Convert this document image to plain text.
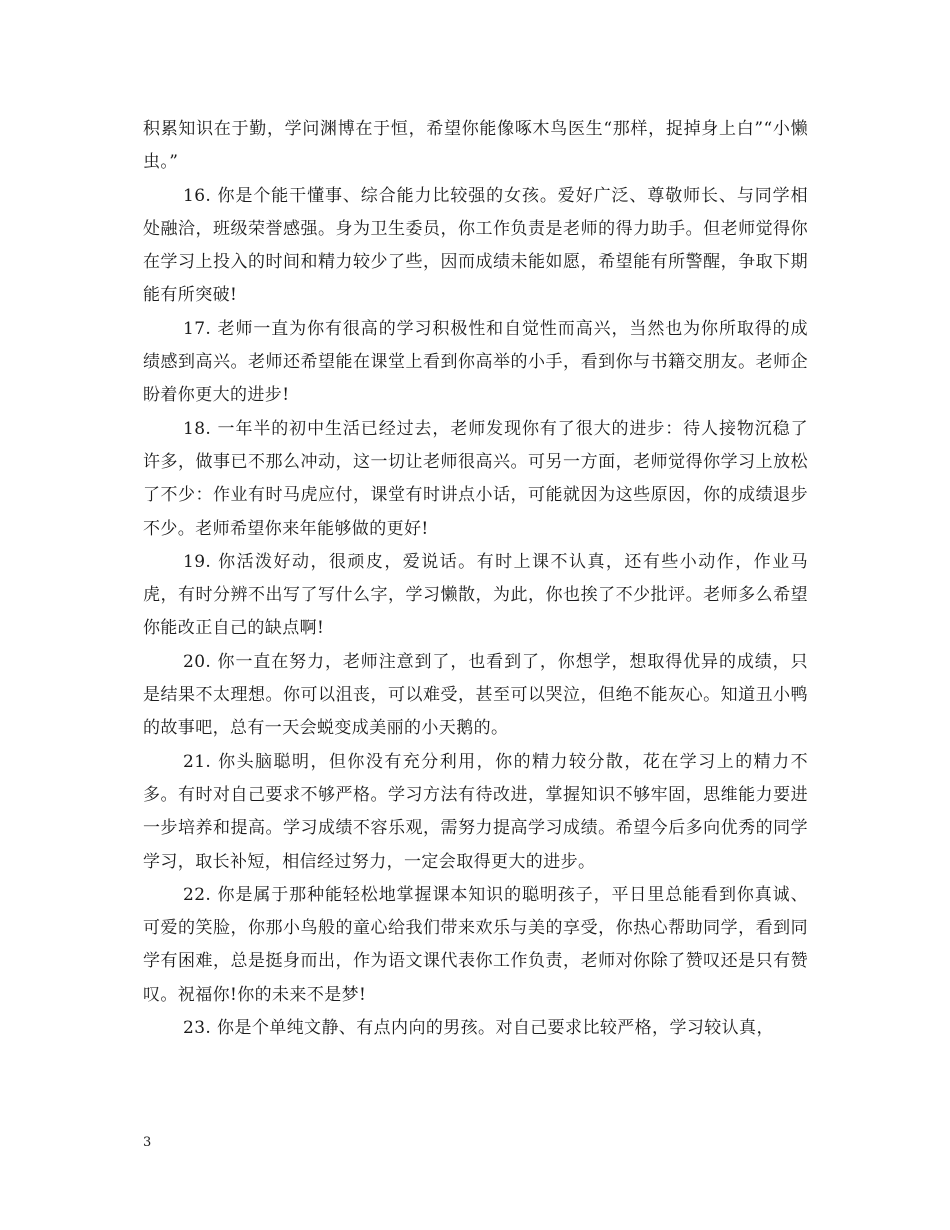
积累知识在于勤，学问渊博在于恒，希望你能像啄木鸟医生“那样，捉掉身上白”“小懒虫。”

16. 你是个能干懂事、综合能力比较强的女孩。爱好广泛、尊敬师长、与同学相处融洽，班级荣誉感强。身为卫生委员，你工作负责是老师的得力助手。但老师觉得你在学习上投入的时间和精力较少了些，因而成绩未能如愿，希望能有所警醒，争取下期能有所突破!

17. 老师一直为你有很高的学习积极性和自觉性而高兴，当然也为你所取得的成绩感到高兴。老师还希望能在课堂上看到你高举的小手，看到你与书籍交朋友。老师企盼着你更大的进步!

18. 一年半的初中生活已经过去，老师发现你有了很大的进步：待人接物沉稳了许多，做事已不那么冲动，这一切让老师很高兴。可另一方面，老师觉得你学习上放松了不少：作业有时马虎应付，课堂有时讲点小话，可能就因为这些原因，你的成绩退步不少。老师希望你来年能够做的更好!

19. 你活泼好动，很顽皮，爱说话。有时上课不认真，还有些小动作，作业马虎，有时分辨不出写了写什么字，学习懒散，为此，你也挨了不少批评。老师多么希望你能改正自己的缺点啊!

20. 你一直在努力，老师注意到了，也看到了，你想学，想取得优异的成绩，只是结果不太理想。你可以沮丧，可以难受，甚至可以哭泣，但绝不能灰心。知道丑小鸭的故事吧，总有一天会蜕变成美丽的小天鹅的。

21. 你头脑聪明，但你没有充分利用，你的精力较分散，花在学习上的精力不多。有时对自己要求不够严格。学习方法有待改进，掌握知识不够牢固，思维能力要进一步培养和提高。学习成绩不容乐观，需努力提高学习成绩。希望今后多向优秀的同学学习，取长补短，相信经过努力，一定会取得更大的进步。

22. 你是属于那种能轻松地掌握课本知识的聪明孩子，平日里总能看到你真诚、可爱的笑脸，你那小鸟般的童心给我们带来欢乐与美的享受，你热心帮助同学，看到同学有困难，总是挺身而出，作为语文课代表你工作负责，老师对你除了赞叹还是只有赞叹。祝福你!你的未来不是梦!

23. 你是个单纯文静、有点内向的男孩。对自己要求比较严格，学习较认真，

3
